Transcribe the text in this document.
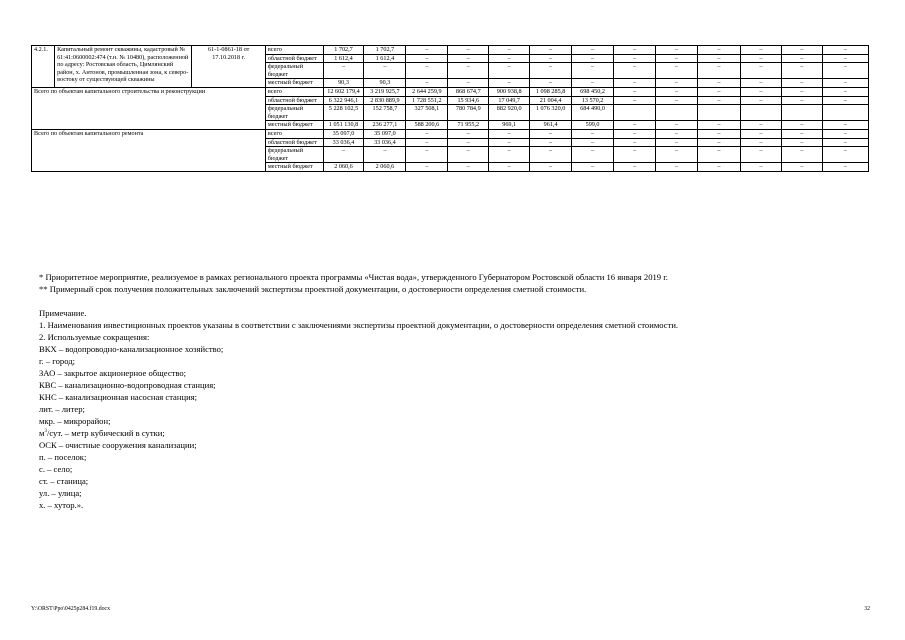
4.2.1.	Капитальный ремонт скважины, кадастровый № 61:41:0600002:474 (т.н. № 10480), расположенной по адресу: Ростовская область, Цимлянский район, х. Антонов, промышленная зона, к северо-востоку от существующей скважины	61-1-0861-18 от 17.10.2018 г.	всего	1 702,7	1 702,7	–	–	–	–	–	–	–	–	–	–	–
			областной бюджет	1 612,4	1 612,4	–	–	–	–	–	–	–	–	–	–	–
			федеральный бюджет	–	–	–	–	–	–	–	–	–	–	–	–	–
			местный бюджет	90,3	90,3	–	–	–	–	–	–	–	–	–	–	–
Всего по объектам капитального строительства и реконструкции			всего	12 602 179,4	3 219 925,7	2 644 259,9	868 674,7	900 938,8	1 098 285,8	698 450,2	–	–	–	–	–	–
			областной бюджет	6 322 946,1	2 830 889,9	1 728 551,2	15 934,6	17 049,7	21 004,4	13 570,2	–	–	–	–	–	–
			федеральный бюджет	5 228 102,5	152 758,7	327 508,1	780 784,9	882 920,0	1 076 320,0	684 490,0						
			местный бюджет	1 051 130,8	236 277,1	588 200,6	71 955,2	969,1	961,4	599,0	–	–	–	–	–	–
Всего по объектам капитального ремонта			всего	35 097,0	35 097,0	–	–	–	–	–	–	–	–	–	–	–
			областной бюджет	33 036,4	33 036,4	–	–	–	–	–	–	–	–	–	–	–
			федеральный бюджет	–	–	–	–	–	–	–	–	–	–	–	–	–
			местный бюджет	2 060,6	2 060,6	–	–	–	–	–	–	–	–	–	–	–
* Приоритетное мероприятие, реализуемое в рамках регионального проекта программы «Чистая вода», утвержденного Губернатором Ростовской области 16 января 2019 г.
** Примерный срок получения положительных заключений экспертизы проектной документации, о достоверности определения сметной стоимости.
Примечание.
1. Наименования инвестиционных проектов указаны в соответствии с заключениями экспертизы проектной документации, о достоверности определения сметной стоимости.
2. Используемые сокращения:
ВКХ – водопроводно-канализационное хозяйство;
г. – город;
ЗАО – закрытое акционерное общество;
КВС – канализационно-водопроводная станция;
КНС – канализационная насосная станция;
лит. – литер;
мкр. – микрорайон;
$м^3$/сут. – метр кубический в сутки;
ОСК – очистные сооружения канализации;
п. – поселок;
с. – село;
ст. – станица;
ул. – улица;
х. – хутор.».
Y:\ORST\Ppo\0425p284.f19.docx	32
